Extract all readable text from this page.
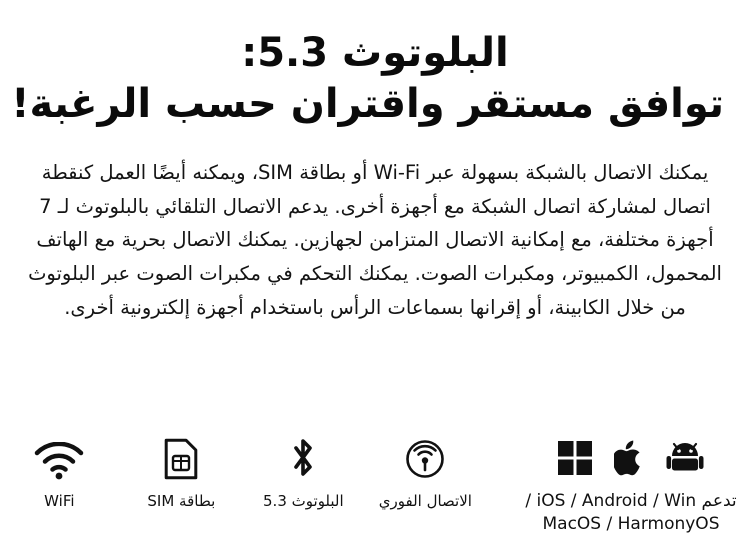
البلوتوث 5.3:
توافق مستقر واقتران حسب الرغبة!

يمكنك الاتصال بالشبكة بسهولة عبر Wi-Fi أو بطاقة SIM، ويمكنه أيضًا العمل كنقطة اتصال لمشاركة اتصال الشبكة مع أجهزة أخرى. يدعم الاتصال التلقائي بالبلوتوث لـ 7 أجهزة مختلفة، مع إمكانية الاتصال المتزامن لجهازين. يمكنك الاتصال بحرية مع الهاتف المحمول، الكمبيوتر، ومكبرات الصوت. يمكنك التحكم في مكبرات الصوت عبر البلوتوث من خلال الكابينة، أو إقرانها بسماعات الرأس باستخدام أجهزة إلكترونية أخرى.

WiFi	بطاقة SIM	البلوتوث 5.3 الاتصال الفوري	تدعم iOS / Android / Win /
MacOS / HarmonyOS
